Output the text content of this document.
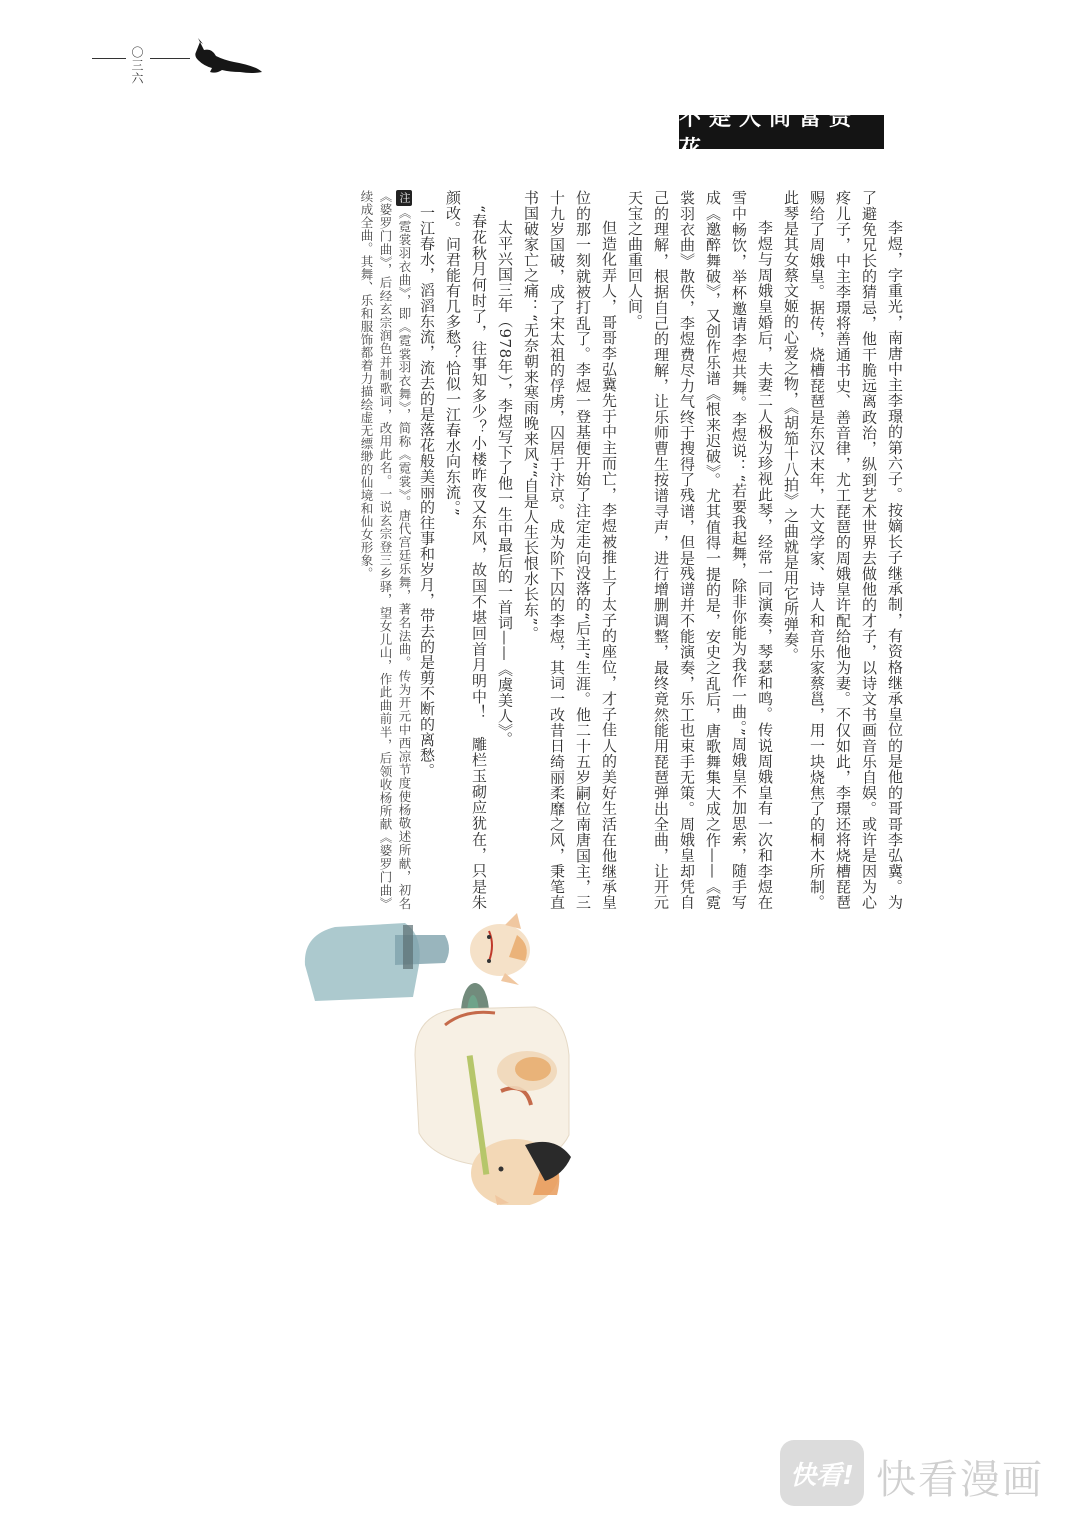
〇三六
不是人间富贵花

李煜，字重光，南唐中主李璟的第六子。按嫡长子继承制，有资格继承皇位的是他的哥哥李弘冀。为了避免兄长的猜忌，他干脆远离政治，纵到艺术世界去做他的才子，以诗文书画音乐自娱。或许是因为心疼儿子，中主李璟将善通书史、善音律，尤工琵琶的周娥皇许配给他为妻。不仅如此，李璟还将烧槽琵琶赐给了周娥皇。据传，烧槽琵琶是东汉末年，大文学家、诗人和音乐家蔡邕，用一块烧焦了的桐木所制。此琴是其女蔡文姬的心爱之物，《胡笳十八拍》之曲就是用它所弹奏。

李煜与周娥皇婚后，夫妻二人极为珍视此琴，经常一同演奏，琴瑟和鸣。传说周娥皇有一次和李煜在雪中畅饮，举杯邀请李煜共舞。李煜说：“若要我起舞，除非你能为我作一曲。”周娥皇不加思索，随手写成《邀醉舞破》，又创作乐谱《恨来迟破》。尤其值得一提的是，安史之乱后，唐歌舞集大成之作——《霓裳羽衣曲》散佚，李煜费尽力气终于搜得了残谱，但是残谱并不能演奏，乐工也束手无策。周娥皇却凭自己的理解，根据自己的理解，让乐师曹生按谱寻声，进行增删调整，最终竟然能用琵琶弹出全曲，让开元天宝之曲重回人间。

但造化弄人，哥哥李弘冀先于中主而亡，李煜被推上了太子的座位，才子佳人的美好生活在他继承皇位的那一刻就被打乱了。李煜一登基便开始了注定走向没落的“后主”生涯。他二十五岁嗣位南唐国主，三十九岁国破，成了宋太祖的俘虏，囚居于汴京。成为阶下囚的李煜，其词一改昔日绮丽柔靡之风，秉笔直书国破家亡之痛：“无奈朝来寒雨晚来风”“自是人生长恨水长东”。

太平兴国三年（978年），李煜写下了他一生中最后的一首词——《虞美人》。

“春花秋月何时了，往事知多少？小楼昨夜又东风，故国不堪回首月明中！　雕栏玉砌应犹在，只是朱颜改。问君能有几多愁？恰似一江春水向东流。”

一江春水，滔滔东流，流去的是落花般美丽的往事和岁月，带去的是剪不断的离愁。

注《霓裳羽衣曲》，即《霓裳羽衣舞》，简称《霓裳》。唐代宫廷乐舞，著名法曲。传为开元中西凉节度使杨敬述所献，初名《婆罗门曲》，后经玄宗润色并制歌词，改用此名。一说玄宗登三乡驿，望女儿山，作此曲前半，后领收杨所献《婆罗门曲》续成全曲。其舞、乐和服饰都着力描绘虚无缥缈的仙境和仙女形象。

快看! 快看漫画
